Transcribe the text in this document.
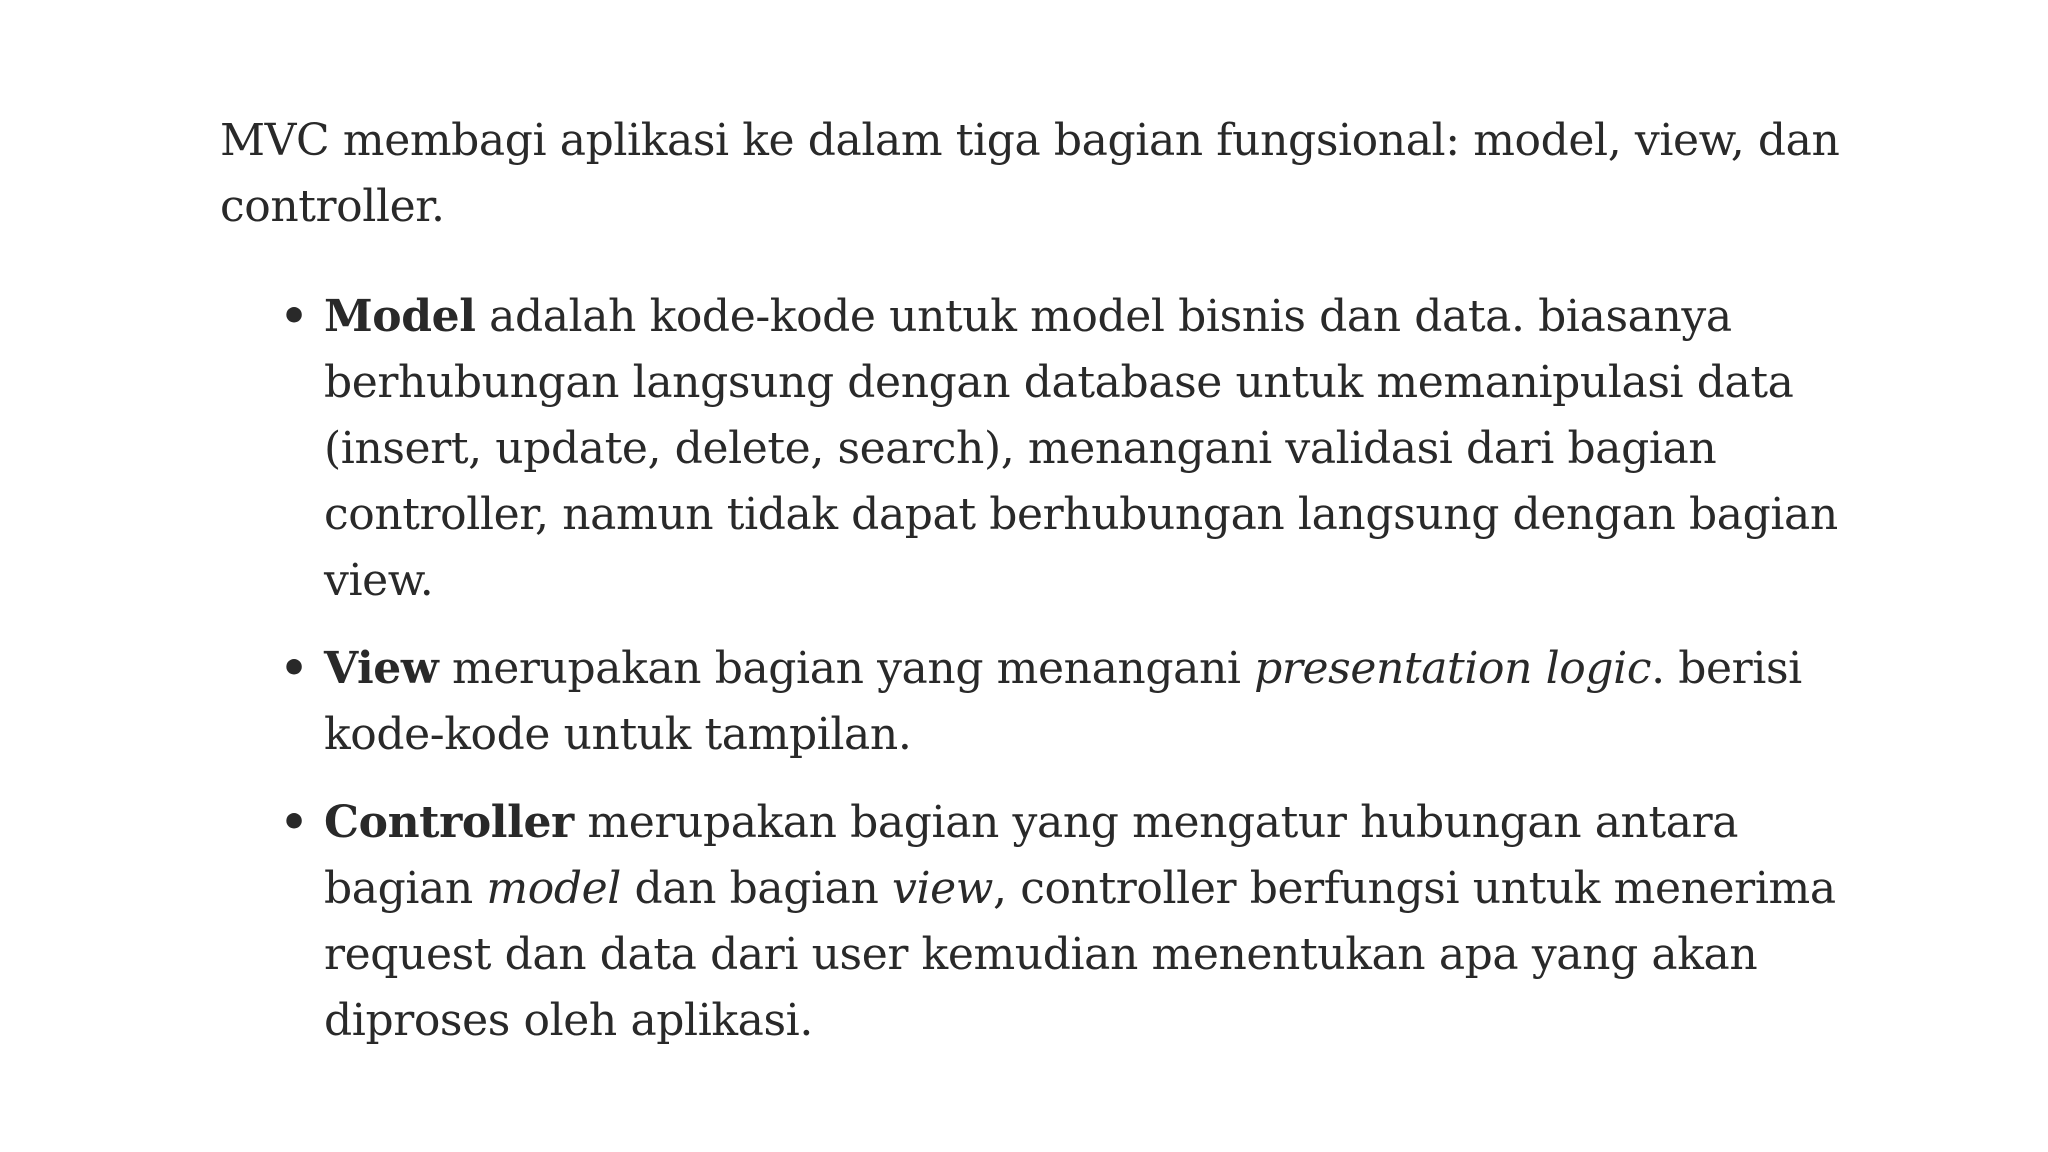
MVC membagi aplikasi ke dalam tiga bagian fungsional: model, view, dan controller.

• Model adalah kode-kode untuk model bisnis dan data. biasanya berhubungan langsung dengan database untuk memanipulasi data (insert, update, delete, search), menangani validasi dari bagian controller, namun tidak dapat berhubungan langsung dengan bagian view.
• View merupakan bagian yang menangani presentation logic. berisi kode-kode untuk tampilan.
• Controller merupakan bagian yang mengatur hubungan antara bagian model dan bagian view, controller berfungsi untuk menerima request dan data dari user kemudian menentukan apa yang akan diproses oleh aplikasi.
